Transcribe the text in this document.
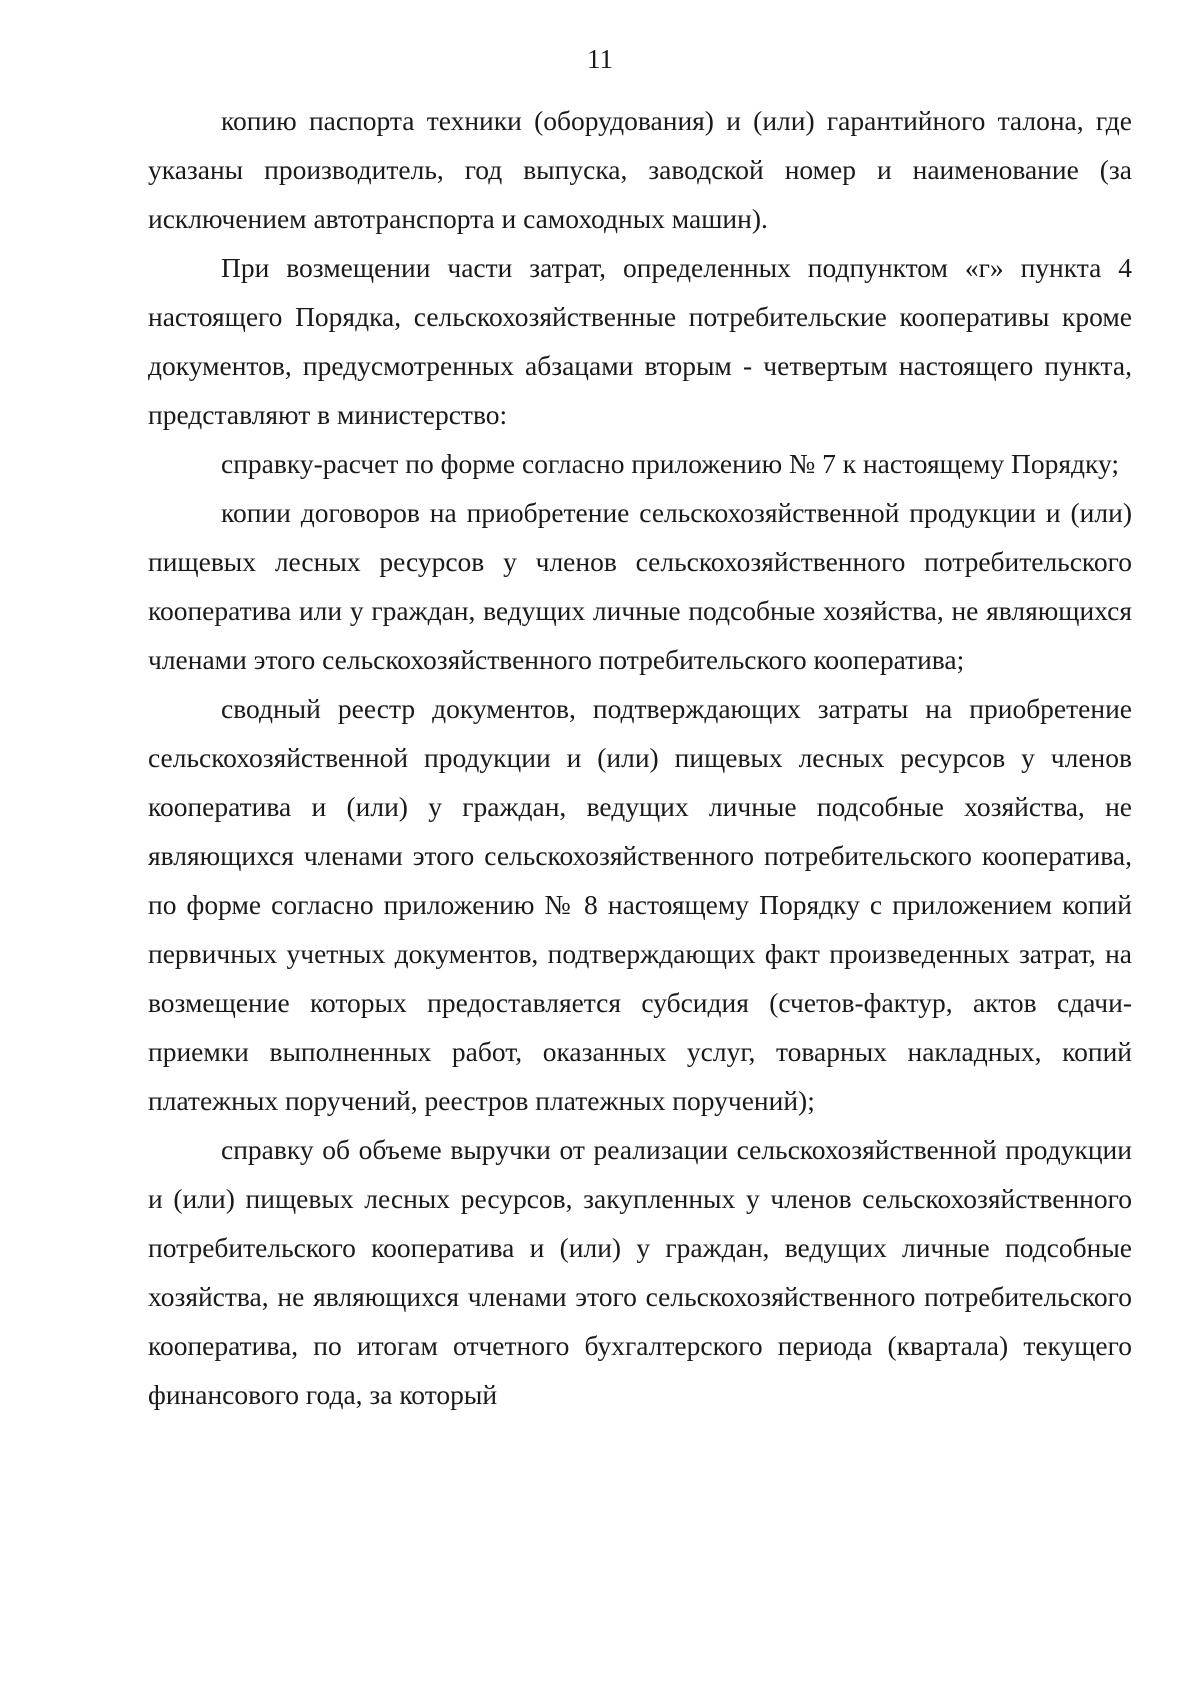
11

копию паспорта техники (оборудования) и (или) гарантийного талона, где указаны производитель, год выпуска, заводской номер и наименование (за исключением автотранспорта и самоходных машин).

При возмещении части затрат, определенных подпунктом «г» пункта 4 настоящего Порядка, сельскохозяйственные потребительские кооперативы кроме документов, предусмотренных абзацами вторым - четвертым настоящего пункта, представляют в министерство:

справку-расчет по форме согласно приложению № 7 к настоящему Порядку;

копии договоров на приобретение сельскохозяйственной продукции и (или) пищевых лесных ресурсов у членов сельскохозяйственного потребительского кооператива или у граждан, ведущих личные подсобные хозяйства, не являющихся членами этого сельскохозяйственного потребительского кооператива;

сводный реестр документов, подтверждающих затраты на приобретение сельскохозяйственной продукции и (или) пищевых лесных ресурсов у членов кооператива и (или) у граждан, ведущих личные подсобные хозяйства, не являющихся членами этого сельскохозяйственного потребительского кооператива, по форме согласно приложению № 8 настоящему Порядку с приложением копий первичных учетных документов, подтверждающих факт произведенных затрат, на возмещение которых предоставляется субсидия (счетов-фактур, актов сдачи-приемки выполненных работ, оказанных услуг, товарных накладных, копий платежных поручений, реестров платежных поручений);

справку об объеме выручки от реализации сельскохозяйственной продукции и (или) пищевых лесных ресурсов, закупленных у членов сельскохозяйственного потребительского кооператива и (или) у граждан, ведущих личные подсобные хозяйства, не являющихся членами этого сельскохозяйственного потребительского кооператива, по итогам отчетного бухгалтерского периода (квартала) текущего финансового года, за который
